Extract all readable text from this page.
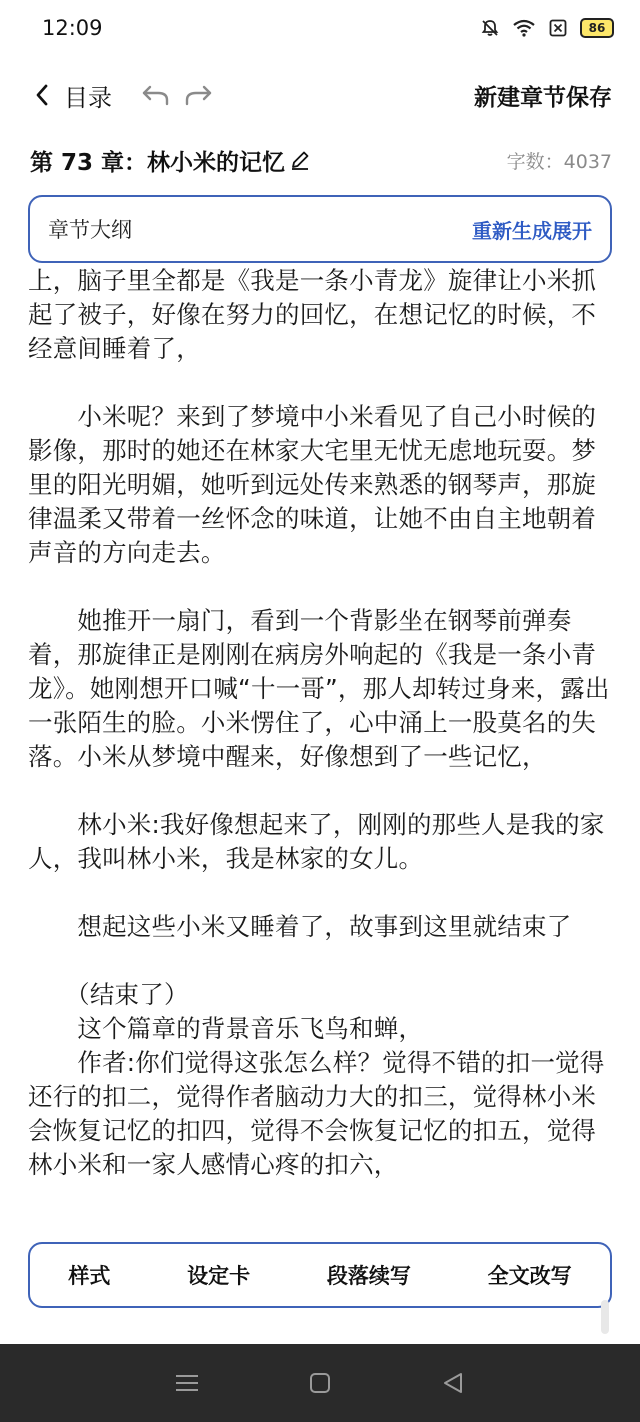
12:09	86
目录	新建章节保存
第 73 章：林小米的记忆	字数：4037
章节大纲	重新生成展开

上，脑子里全都是《我是一条小青龙》旋律让小米抓起了被子，好像在努力的回忆，在想记忆的时候，不经意间睡着了，

　　小米呢？来到了梦境中小米看见了自己小时候的影像，那时的她还在林家大宅里无忧无虑地玩耍。梦里的阳光明媚，她听到远处传来熟悉的钢琴声，那旋律温柔又带着一丝怀念的味道，让她不由自主地朝着声音的方向走去。

　　她推开一扇门，看到一个背影坐在钢琴前弹奏着，那旋律正是刚刚在病房外响起的《我是一条小青龙》。她刚想开口喊“十一哥”，那人却转过身来，露出一张陌生的脸。小米愣住了，心中涌上一股莫名的失落。小米从梦境中醒来，好像想到了一些记忆，

　　林小米:我好像想起来了，刚刚的那些人是我的家人，我叫林小米，我是林家的女儿。

　　想起这些小米又睡着了，故事到这里就结束了

　　（结束了）

　　这个篇章的背景音乐飞鸟和蝉，

　　作者:你们觉得这张怎么样？觉得不错的扣一觉得还行的扣二，觉得作者脑动力大的扣三，觉得林小米会恢复记忆的扣四，觉得不会恢复记忆的扣五，觉得林小米和一家人感情心疼的扣六，

样式	设定卡	段落续写	全文改写
